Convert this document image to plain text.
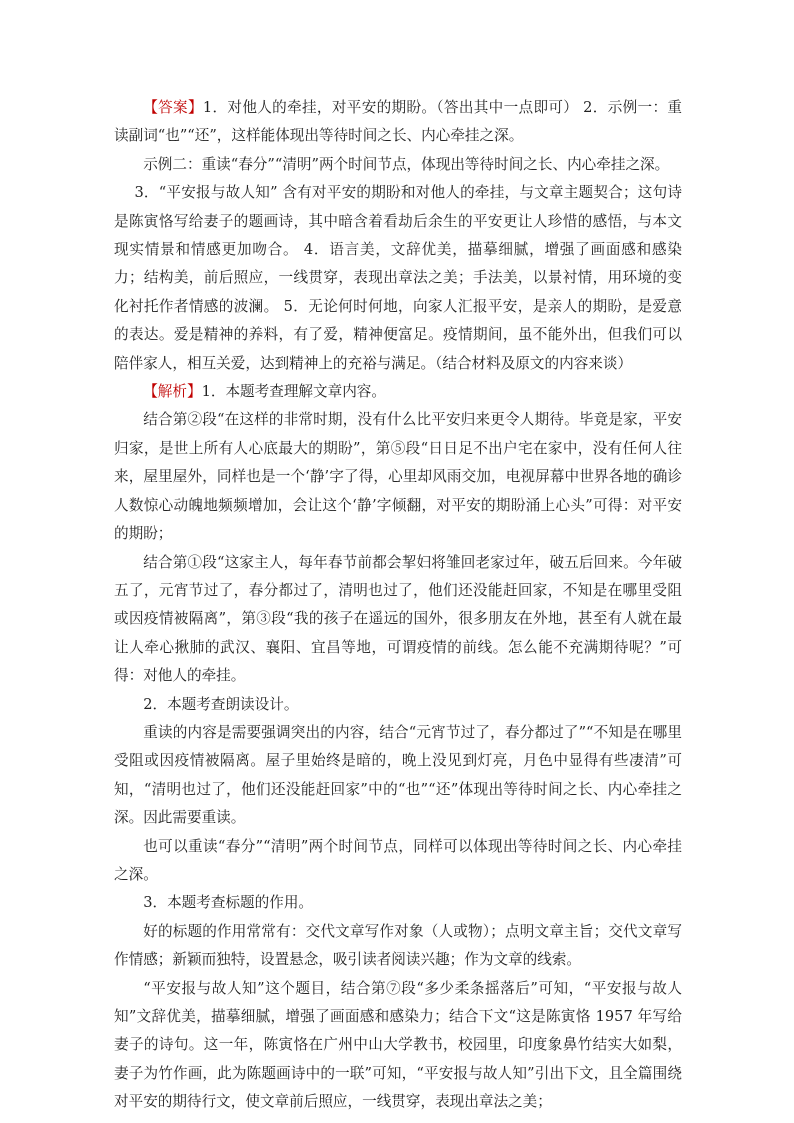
【答案】1．对他人的牵挂，对平安的期盼。（答出其中一点即可） 2．示例一：重读副词“也”“还”，这样能体现出等待时间之长、内心牵挂之深。

示例二：重读“春分”“清明”两个时间节点，体现出等待时间之长、内心牵挂之深。

3．“平安报与故人知” 含有对平安的期盼和对他人的牵挂，与文章主题契合；这句诗是陈寅恪写给妻子的题画诗，其中暗含着看劫后余生的平安更让人珍惜的感悟，与本文现实情景和情感更加吻合。 4．语言美，文辞优美，描摹细腻，增强了画面感和感染力；结构美，前后照应，一线贯穿，表现出章法之美；手法美，以景衬情，用环境的变化衬托作者情感的波澜。 5．无论何时何地，向家人汇报平安，是亲人的期盼，是爱意的表达。爱是精神的养料，有了爱，精神便富足。疫情期间，虽不能外出，但我们可以陪伴家人，相互关爱，达到精神上的充裕与满足。（结合材料及原文的内容来谈）

【解析】1．本题考查理解文章内容。

结合第②段“在这样的非常时期，没有什么比平安归来更令人期待。毕竟是家，平安归家，是世上所有人心底最大的期盼”，第⑤段“日日足不出户宅在家中，没有任何人往来，屋里屋外，同样也是一个‘静’字了得，心里却风雨交加，电视屏幕中世界各地的确诊人数惊心动魄地频频增加，会让这个‘静’字倾翻，对平安的期盼涌上心头”可得：对平安的期盼；

结合第①段“这家主人，每年春节前都会挈妇将雏回老家过年，破五后回来。今年破五了，元宵节过了，春分都过了，清明也过了，他们还没能赶回家，不知是在哪里受阻或因疫情被隔离”，第③段“我的孩子在遥远的国外，很多朋友在外地，甚至有人就在最让人牵心揪肺的武汉、襄阳、宜昌等地，可谓疫情的前线。怎么能不充满期待呢？”可得：对他人的牵挂。

2．本题考查朗读设计。

重读的内容是需要强调突出的内容，结合“元宵节过了，春分都过了”“不知是在哪里受阻或因疫情被隔离。屋子里始终是暗的，晚上没见到灯亮，月色中显得有些凄清”可知，“清明也过了，他们还没能赶回家”中的“也”“还”体现出等待时间之长、内心牵挂之深。因此需要重读。

也可以重读“春分”“清明”两个时间节点，同样可以体现出等待时间之长、内心牵挂之深。

3．本题考查标题的作用。

好的标题的作用常常有：交代文章写作对象（人或物）；点明文章主旨；交代文章写作情感；新颖而独特，设置悬念，吸引读者阅读兴趣；作为文章的线索。

“平安报与故人知”这个题目，结合第⑦段“多少柔条摇落后”可知，“平安报与故人知”文辞优美，描摹细腻，增强了画面感和感染力；结合下文“这是陈寅恪 1957 年写给妻子的诗句。这一年，陈寅恪在广州中山大学教书，校园里，印度象鼻竹结实大如梨，妻子为竹作画，此为陈题画诗中的一联”可知，“平安报与故人知”引出下文，且全篇围绕对平安的期待行文，使文章前后照应，一线贯穿，表现出章法之美；
